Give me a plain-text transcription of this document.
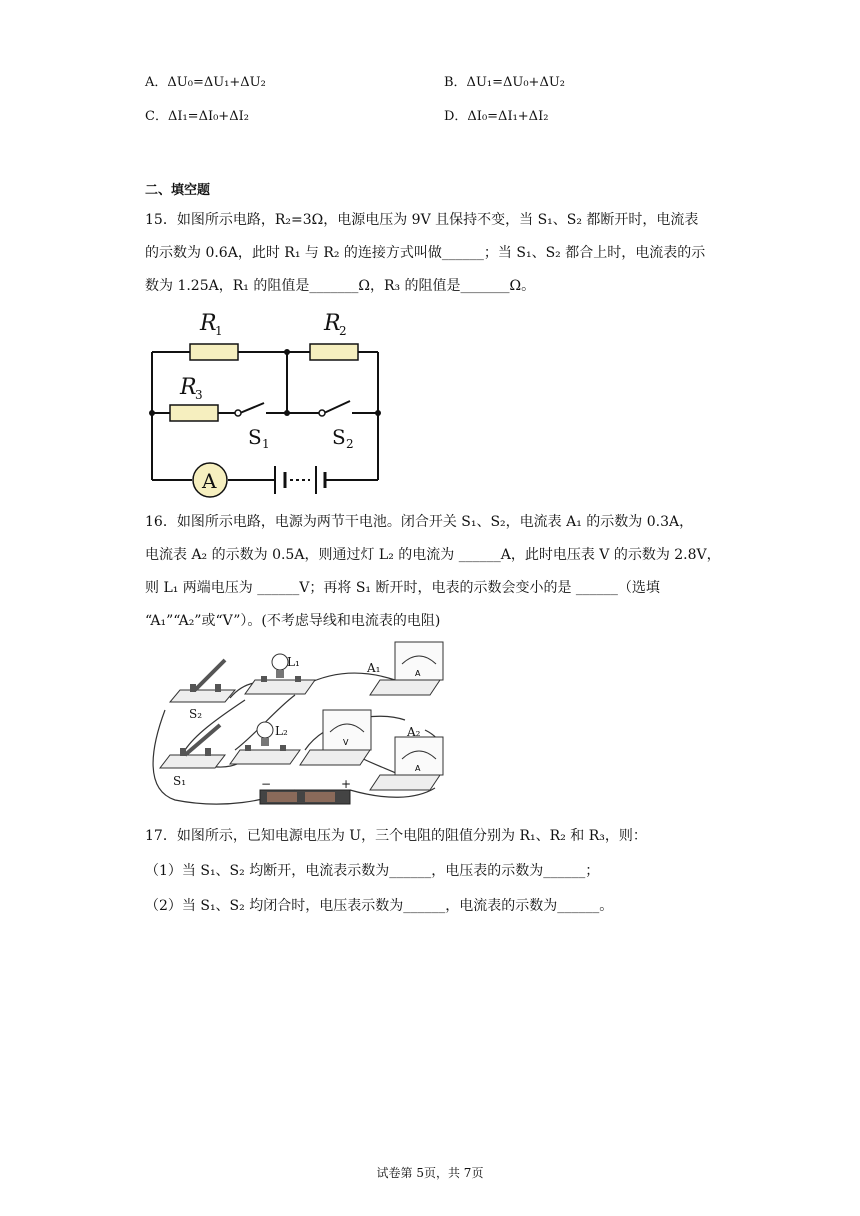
A．ΔU₀=ΔU₁+ΔU₂	B．ΔU₁=ΔU₀+ΔU₂
C．ΔI₁=ΔI₀+ΔI₂	D．ΔI₀=ΔI₁+ΔI₂
二、填空题
15．如图所示电路，R₂=3Ω，电源电压为 9V 且保持不变，当 S₁、S₂ 都断开时，电流表
的示数为 0.6A，此时 R₁ 与 R₂ 的连接方式叫做______；当 S₁、S₂ 都合上时，电流表的示
数为 1.25A，R₁ 的阻值是_______Ω，R₃ 的阻值是_______Ω。
R
1	R
2
R
3
S 1	S 2
A
16．如图所示电路，电源为两节干电池。闭合开关 S₁、S₂，电流表 A₁ 的示数为 0.3A，
电流表 A₂ 的示数为 0.5A，则通过灯 L₂ 的电流为 ______A，此时电压表 V 的示数为 2.8V，
则 L₁ 两端电压为 ______V；再将 S₁ 断开时，电表的示数会变小的是 ______（选填
“A₁”“A₂”或“V”）。(不考虑导线和电流表的电阻)
V
A
A
L₁
L₂
A₁
A₂
S₂
S₁	−	+
17．如图所示，已知电源电压为 U，三个电阻的阻值分别为 R₁、R₂ 和 R₃，则：
（1）当 S₁、S₂ 均断开，电流表示数为______，电压表的示数为______；
（2）当 S₁、S₂ 均闭合时，电压表示数为______，电流表的示数为______。
试卷第 5页，共 7页
